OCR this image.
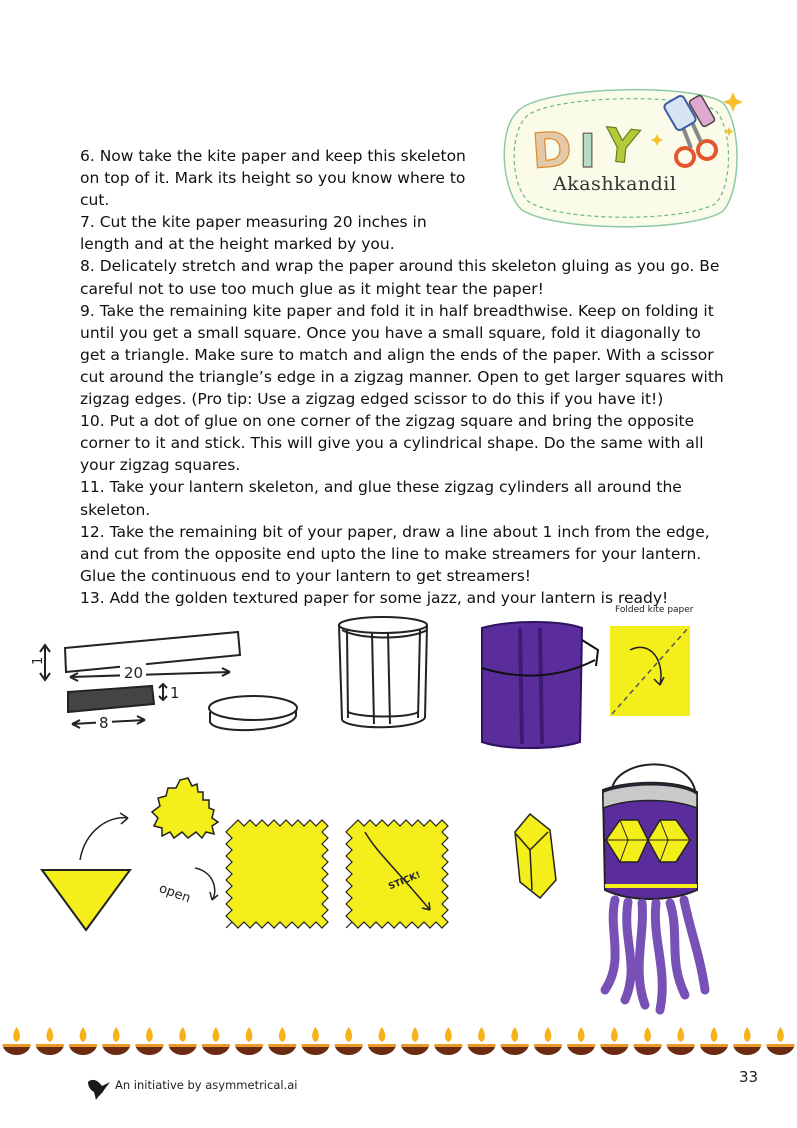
D I Y
Akashkandil

6. Now take the kite paper and keep this skeleton on top of it. Mark its height so you know where to cut.

7. Cut the kite paper measuring 20 inches in length and at the height marked by you.

8. Delicately stretch and wrap the paper around this skeleton gluing as you go. Be careful not to use too much glue as it might tear the paper!

9. Take the remaining kite paper and fold it in half breadthwise. Keep on folding it until you get a small square. Once you have a small square, fold it diagonally to get a triangle. Make sure to match and align the ends of the paper. With a scissor cut around the triangle’s edge in a zigzag manner. Open to get larger squares with zigzag edges. (Pro tip: Use a zigzag edged scissor to do this if you have it!)

10. Put a dot of glue on one corner of the zigzag square and bring the opposite corner to it and stick. This will give you a cylindrical shape. Do the same with all your zigzag squares.

11. Take your lantern skeleton, and glue these zigzag cylinders all around the skeleton.

12. Take the remaining bit of your paper, draw a line about 1 inch from the edge, and cut from the opposite end upto the line to make streamers for your lantern. Glue the continuous end to your lantern to get streamers!

13. Add the golden textured paper for some jazz, and your lantern is ready!

20
1
8
1
Folded kite paper
open	STICK!
An initiative by asymmetrical.ai	33
